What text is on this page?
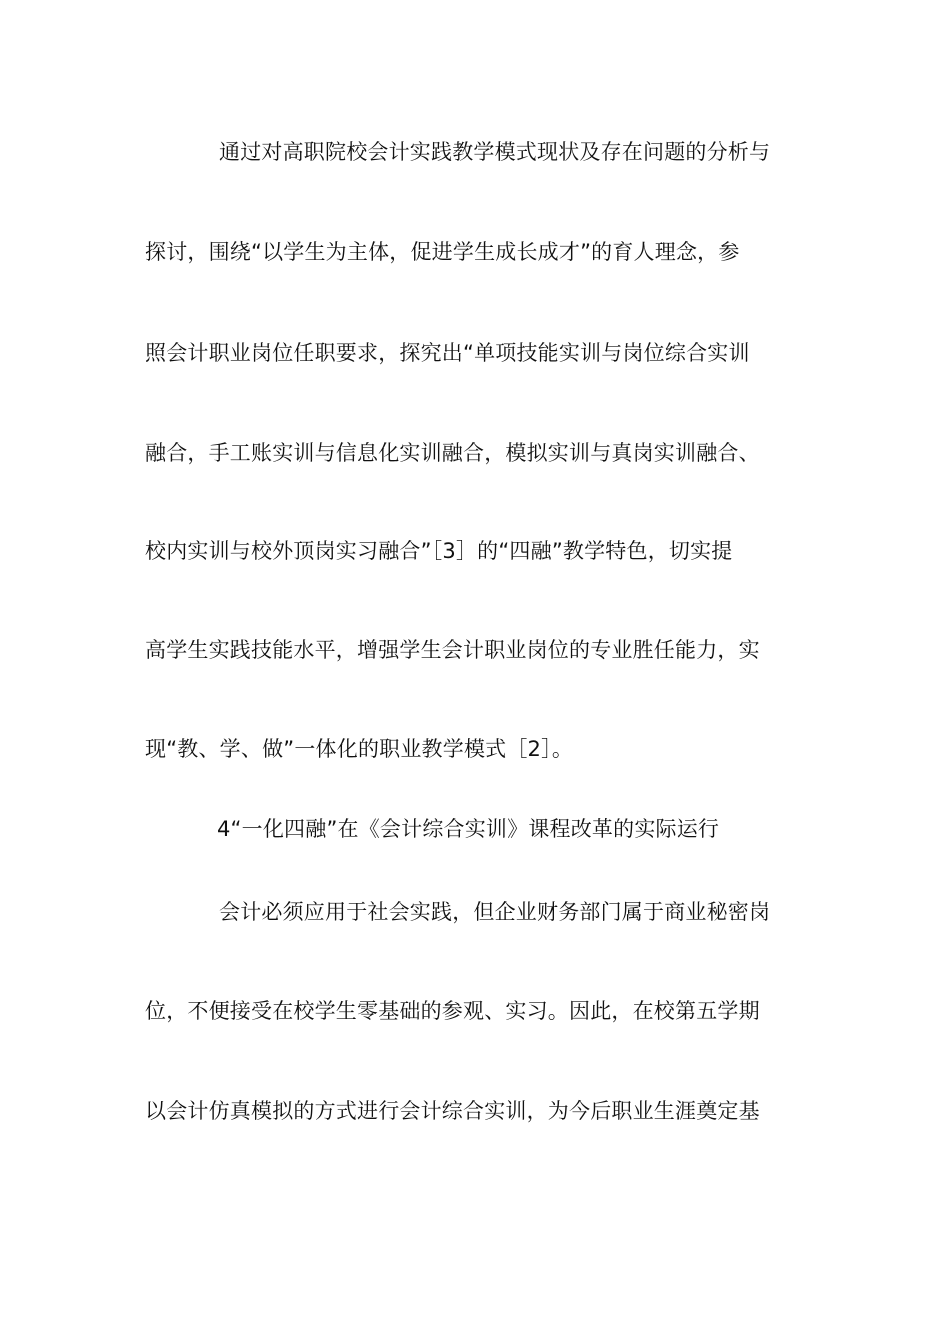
通过对高职院校会计实践教学模式现状及存在问题的分析与
探讨，围绕“以学生为主体，促进学生成长成才”的育人理念，参
照会计职业岗位任职要求，探究出“单项技能实训与岗位综合实训
融合，手工账实训与信息化实训融合，模拟实训与真岗实训融合、
校内实训与校外顶岗实习融合”［3］的“四融”教学特色，切实提
高学生实践技能水平，增强学生会计职业岗位的专业胜任能力，实
现“教、学、做”一体化的职业教学模式［2］。
4“一化四融”在《会计综合实训》课程改革的实际运行
会计必须应用于社会实践，但企业财务部门属于商业秘密岗
位，不便接受在校学生零基础的参观、实习。因此，在校第五学期
以会计仿真模拟的方式进行会计综合实训，为今后职业生涯奠定基
